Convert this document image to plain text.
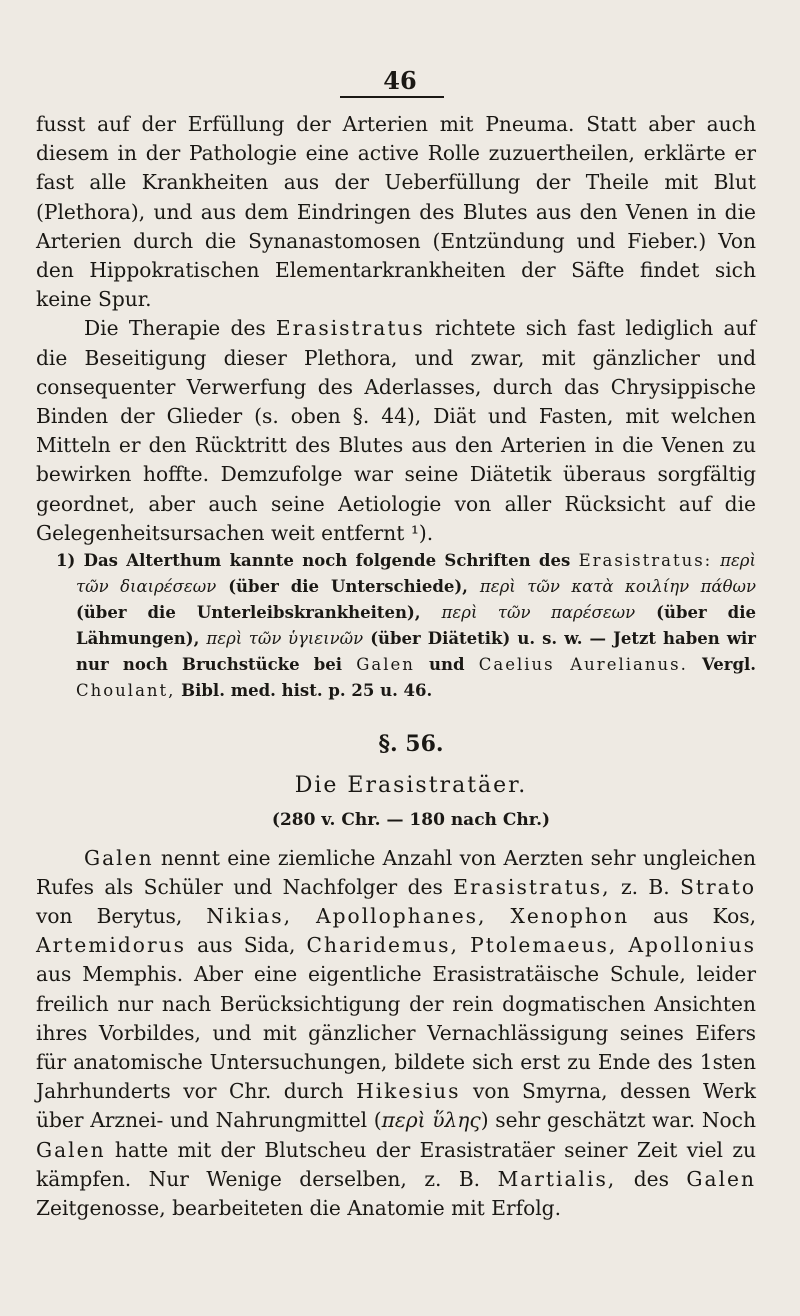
46

fusst auf der Erfüllung der Arterien mit Pneuma. Statt aber auch diesem in der Pathologie eine active Rolle zuzuertheilen, erklärte er fast alle Krankheiten aus der Ueberfüllung der Theile mit Blut (Plethora), und aus dem Eindringen des Blutes aus den Venen in die Arterien durch die Synanastomosen (Entzündung und Fieber.) Von den Hippokratischen Elementarkrankheiten der Säfte findet sich keine Spur.

Die Therapie des Erasistratus richtete sich fast lediglich auf die Beseitigung dieser Plethora, und zwar, mit gänzlicher und consequenter Verwerfung des Aderlasses, durch das Chrysippische Binden der Glieder (s. oben §. 44), Diät und Fasten, mit welchen Mitteln er den Rücktritt des Blutes aus den Arterien in die Venen zu bewirken hoffte. Demzufolge war seine Diätetik überaus sorgfältig geordnet, aber auch seine Aetiologie von aller Rücksicht auf die Gelegenheitsursachen weit entfernt ¹).

1) Das Alterthum kannte noch folgende Schriften des Erasistratus: περὶ τῶν διαιρέσεων (über die Unterschiede), περὶ τῶν κατὰ κοιλίην πάθων (über die Unterleibskrankheiten), περὶ τῶν παρέσεων (über die Lähmungen), περὶ τῶν ὑγιεινῶν (über Diätetik) u. s. w. — Jetzt haben wir nur noch Bruchstücke bei Galen und Caelius Aurelianus. Vergl. Choulant, Bibl. med. hist. p. 25 u. 46.

§. 56.
Die Erasistratäer.
(280 v. Chr. — 180 nach Chr.)

Galen nennt eine ziemliche Anzahl von Aerzten sehr ungleichen Rufes als Schüler und Nachfolger des Erasistratus, z. B. Strato von Berytus, Nikias, Apollophanes, Xenophon aus Kos, Artemidorus aus Sida, Charidemus, Ptolemaeus, Apollonius aus Memphis. Aber eine eigentliche Erasistratäische Schule, leider freilich nur nach Berücksichtigung der rein dogmatischen Ansichten ihres Vorbildes, und mit gänzlicher Vernachlässigung seines Eifers für anatomische Untersuchungen, bildete sich erst zu Ende des 1sten Jahrhunderts vor Chr. durch Hikesius von Smyrna, dessen Werk über Arznei- und Nahrungmittel (περὶ ὕλης) sehr geschätzt war. Noch Galen hatte mit der Blutscheu der Erasistratäer seiner Zeit viel zu kämpfen. Nur Wenige derselben, z. B. Martialis, des Galen Zeitgenosse, bearbeiteten die Anatomie mit Erfolg.
